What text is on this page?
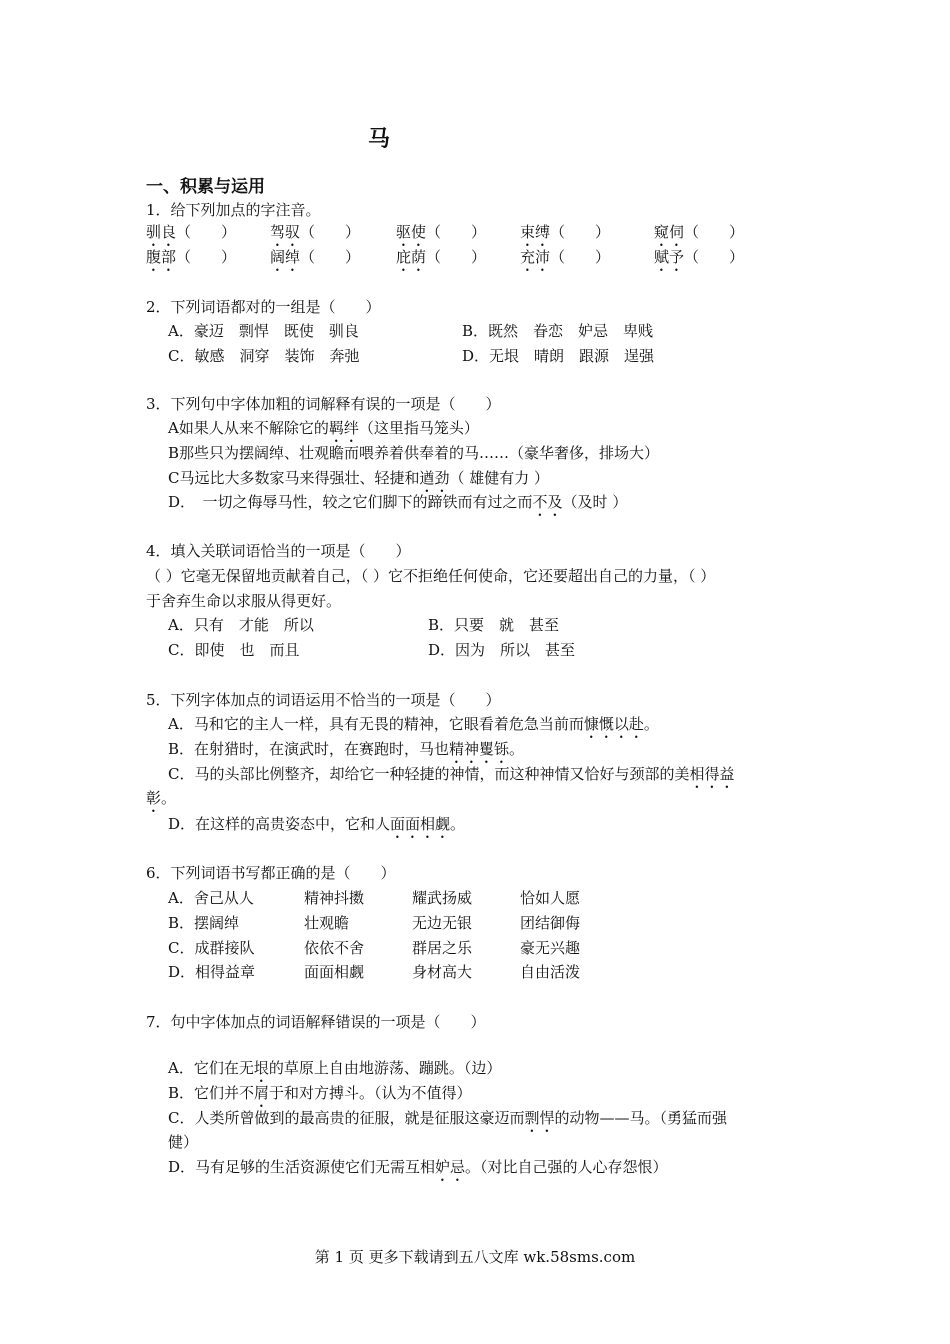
马
一、积累与运用
1．给下列加点的字注音。
驯良（　　） 驾驭（　　） 驱使（　　） 束缚（　　）	窥伺（　　）
腹部（　　） 阔绰（　　） 庇荫（　　） 充沛（　　）	赋予（　　）
2．下列词语都对的一组是（　　）
A．豪迈　剽悍　既使　驯良	B．既然　眷恋　妒忌　卑贱
C．敏感　洞穿　装饰　奔弛	D．无垠　晴朗　跟源　逞强
3．下列句中字体加粗的词解释有误的一项是（　　）
A如果人从来不解除它的羁绊（这里指马笼头）
B那些只为摆阔绰、壮观瞻而喂养着供奉着的马……（豪华奢侈，排场大）
C马远比大多数家马来得强壮、轻捷和遒劲（ 雄健有力 ）
D．　一切之侮辱马性，较之它们脚下的蹄铁而有过之而不及（及时 ）
4．填入关联词语恰当的一项是（　　）
（ ）它毫无保留地贡献着自己，（ ）它不拒绝任何使命，它还要超出自己的力量，（ ）
于舍弃生命以求服从得更好。
A．只有　才能　所以	B．只要　就　甚至
C．即使　也　而且	D．因为　所以　甚至
5．下列字体加点的词语运用不恰当的一项是（　　）
A．马和它的主人一样，具有无畏的精神，它眼看着危急当前而慷慨以赴。
B．在射猎时，在演武时，在赛跑时，马也精神矍铄。
C．马的头部比例整齐，却给它一种轻捷的神情，而这种神情又恰好与颈部的美相得益
彰。
D．在这样的高贵姿态中，它和人面面相觑。
6．下列词语书写都正确的是（　　）
A．舍己从人	精神抖擞	耀武扬威	恰如人愿
B．摆阔绰	壮观瞻	无边无银	团结御侮
C．成群接队	依依不舍	群居之乐	豪无兴趣
D．相得益章	面面相觑	身材高大	自由活泼
7．句中字体加点的词语解释错误的一项是（　　）
A．它们在无垠的草原上自由地游荡、蹦跳。（边）
B．它们并不屑于和对方搏斗。（认为不值得）
C．人类所曾做到的最高贵的征服，就是征服这豪迈而剽悍的动物——马。（勇猛而强
健）
D．马有足够的生活资源使它们无需互相妒忌。（对比自己强的人心存怨恨）
第 1 页 更多下载请到五八文库 wk.58sms.com
